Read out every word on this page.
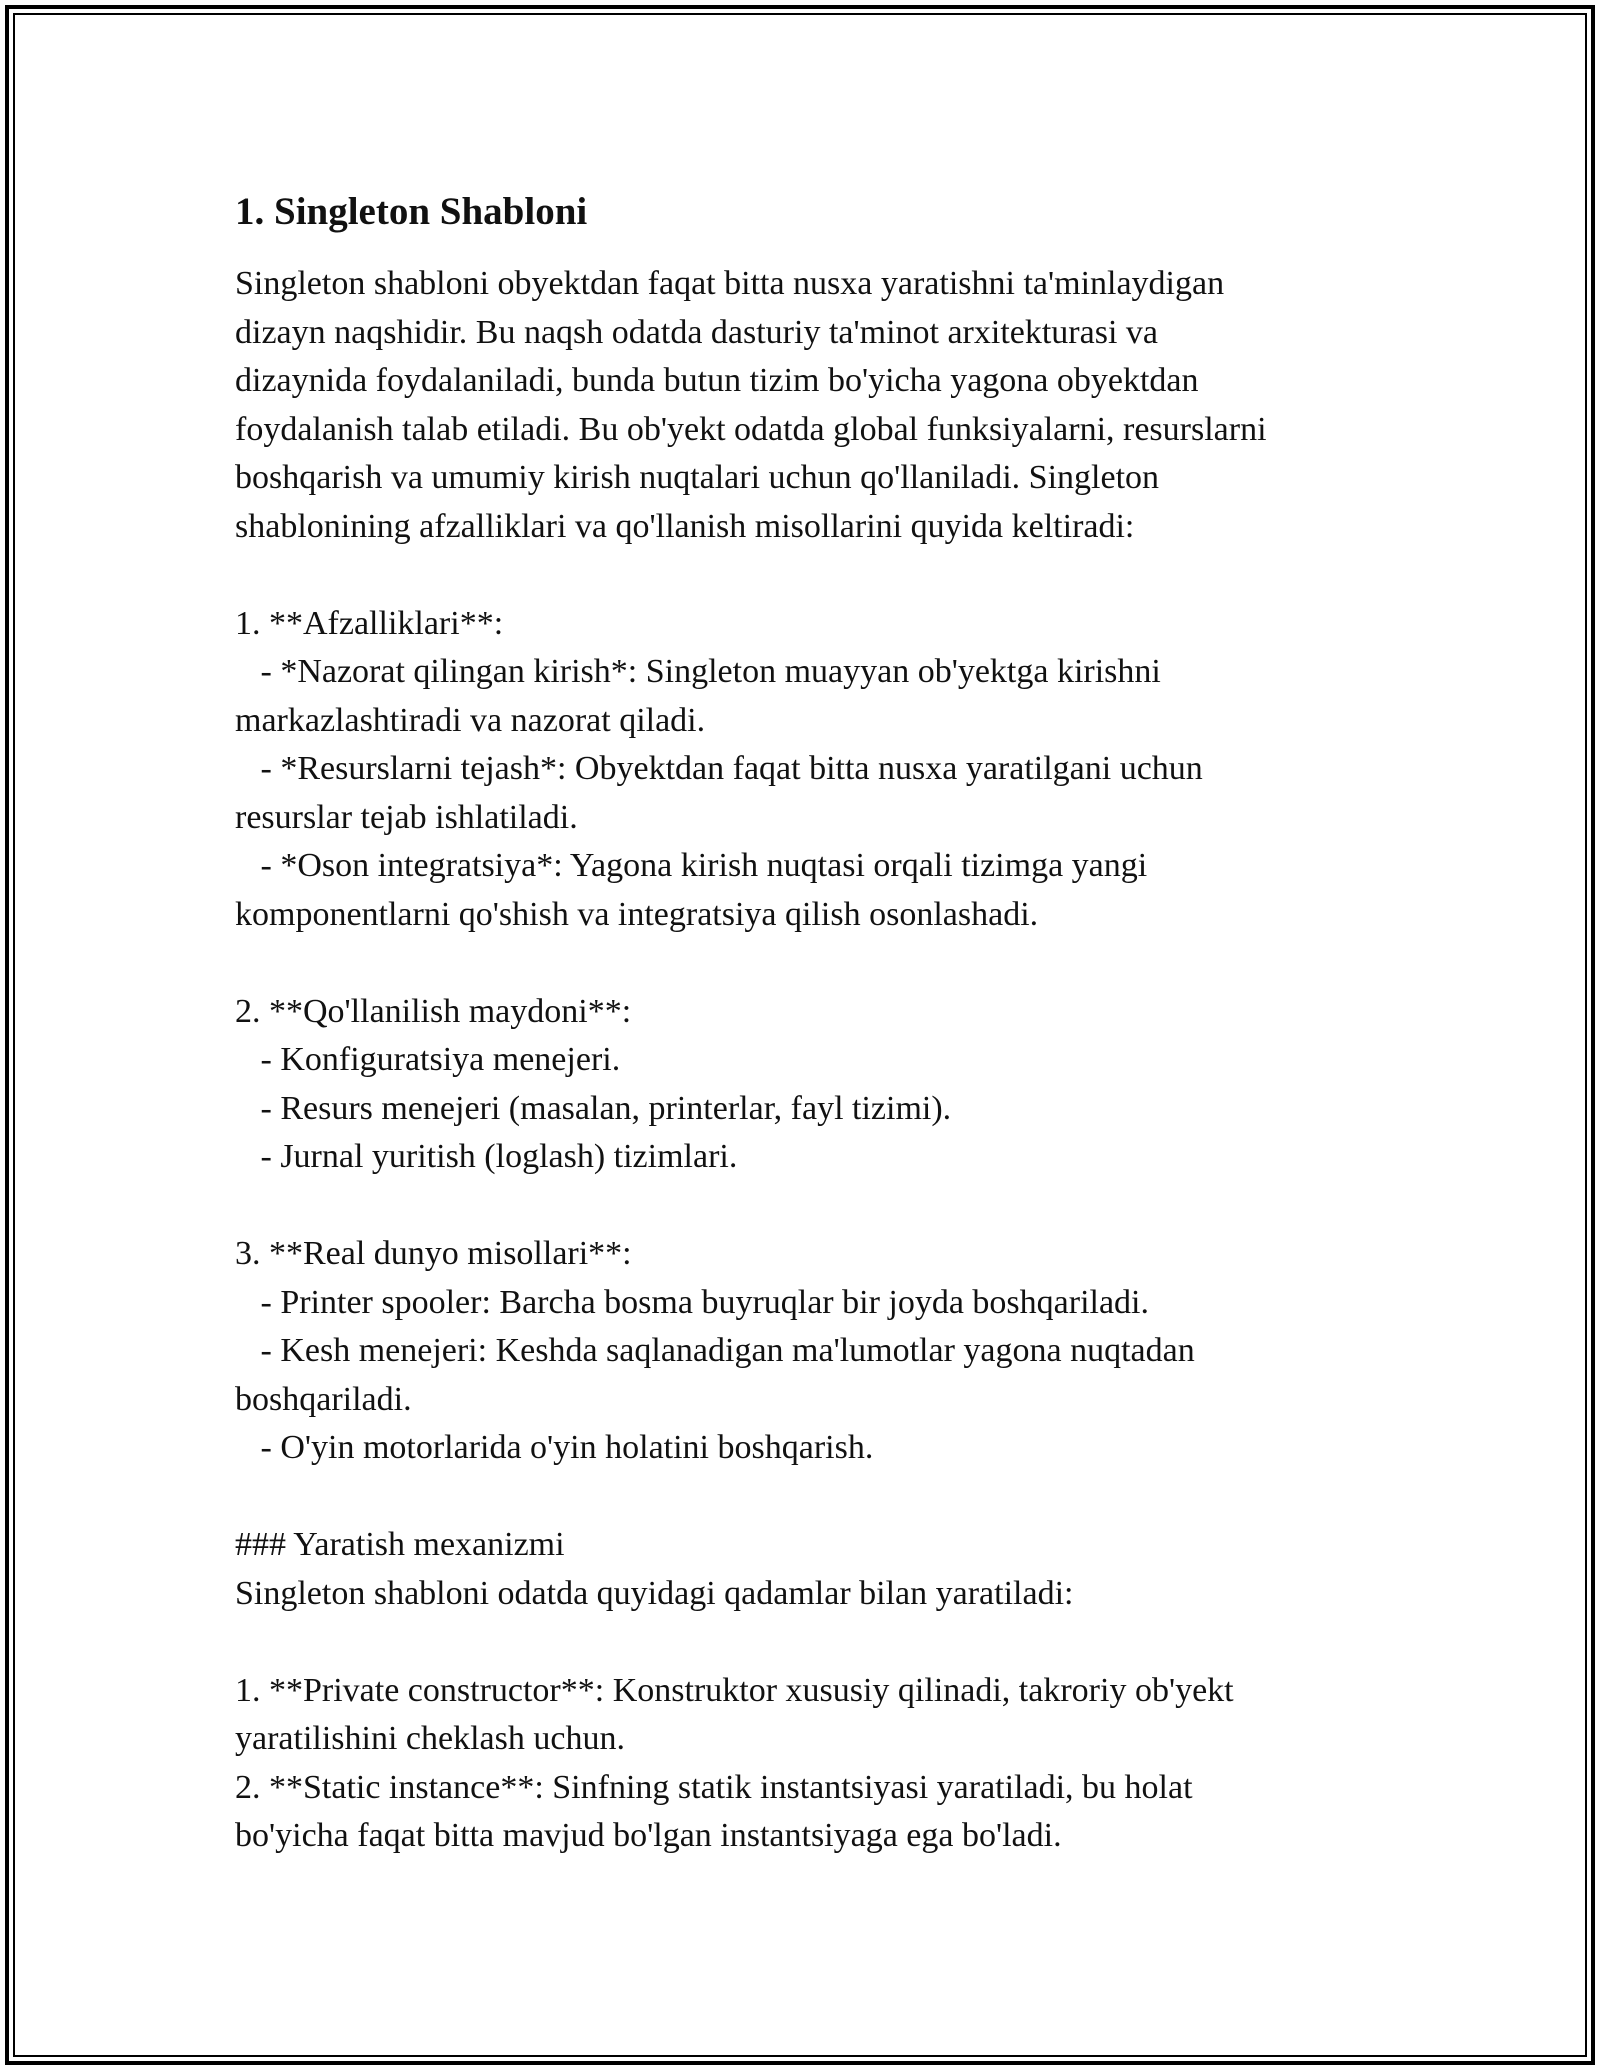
1. Singleton Shabloni

Singleton shabloni obyektdan faqat bitta nusxa yaratishni ta'minlaydigan
dizayn naqshidir. Bu naqsh odatda dasturiy ta'minot arxitekturasi va
dizaynida foydalaniladi, bunda butun tizim bo'yicha yagona obyektdan
foydalanish talab etiladi. Bu ob'yekt odatda global funksiyalarni, resurslarni
boshqarish va umumiy kirish nuqtalari uchun qo'llaniladi. Singleton
shablonining afzalliklari va qo'llanish misollarini quyida keltiradi:

1. **Afzalliklari**:
- *Nazorat qilingan kirish*: Singleton muayyan ob'yektga kirishni
markazlashtiradi va nazorat qiladi.
- *Resurslarni tejash*: Obyektdan faqat bitta nusxa yaratilgani uchun
resurslar tejab ishlatiladi.
- *Oson integratsiya*: Yagona kirish nuqtasi orqali tizimga yangi
komponentlarni qo'shish va integratsiya qilish osonlashadi.

2. **Qo'llanilish maydoni**:
- Konfiguratsiya menejeri.
- Resurs menejeri (masalan, printerlar, fayl tizimi).
- Jurnal yuritish (loglash) tizimlari.

3. **Real dunyo misollari**:
- Printer spooler: Barcha bosma buyruqlar bir joyda boshqariladi.
- Kesh menejeri: Keshda saqlanadigan ma'lumotlar yagona nuqtadan
boshqariladi.
- O'yin motorlarida o'yin holatini boshqarish.

### Yaratish mexanizmi
Singleton shabloni odatda quyidagi qadamlar bilan yaratiladi:

1. **Private constructor**: Konstruktor xususiy qilinadi, takroriy ob'yekt
yaratilishini cheklash uchun.
2. **Static instance**: Sinfning statik instantsiyasi yaratiladi, bu holat
bo'yicha faqat bitta mavjud bo'lgan instantsiyaga ega bo'ladi.
